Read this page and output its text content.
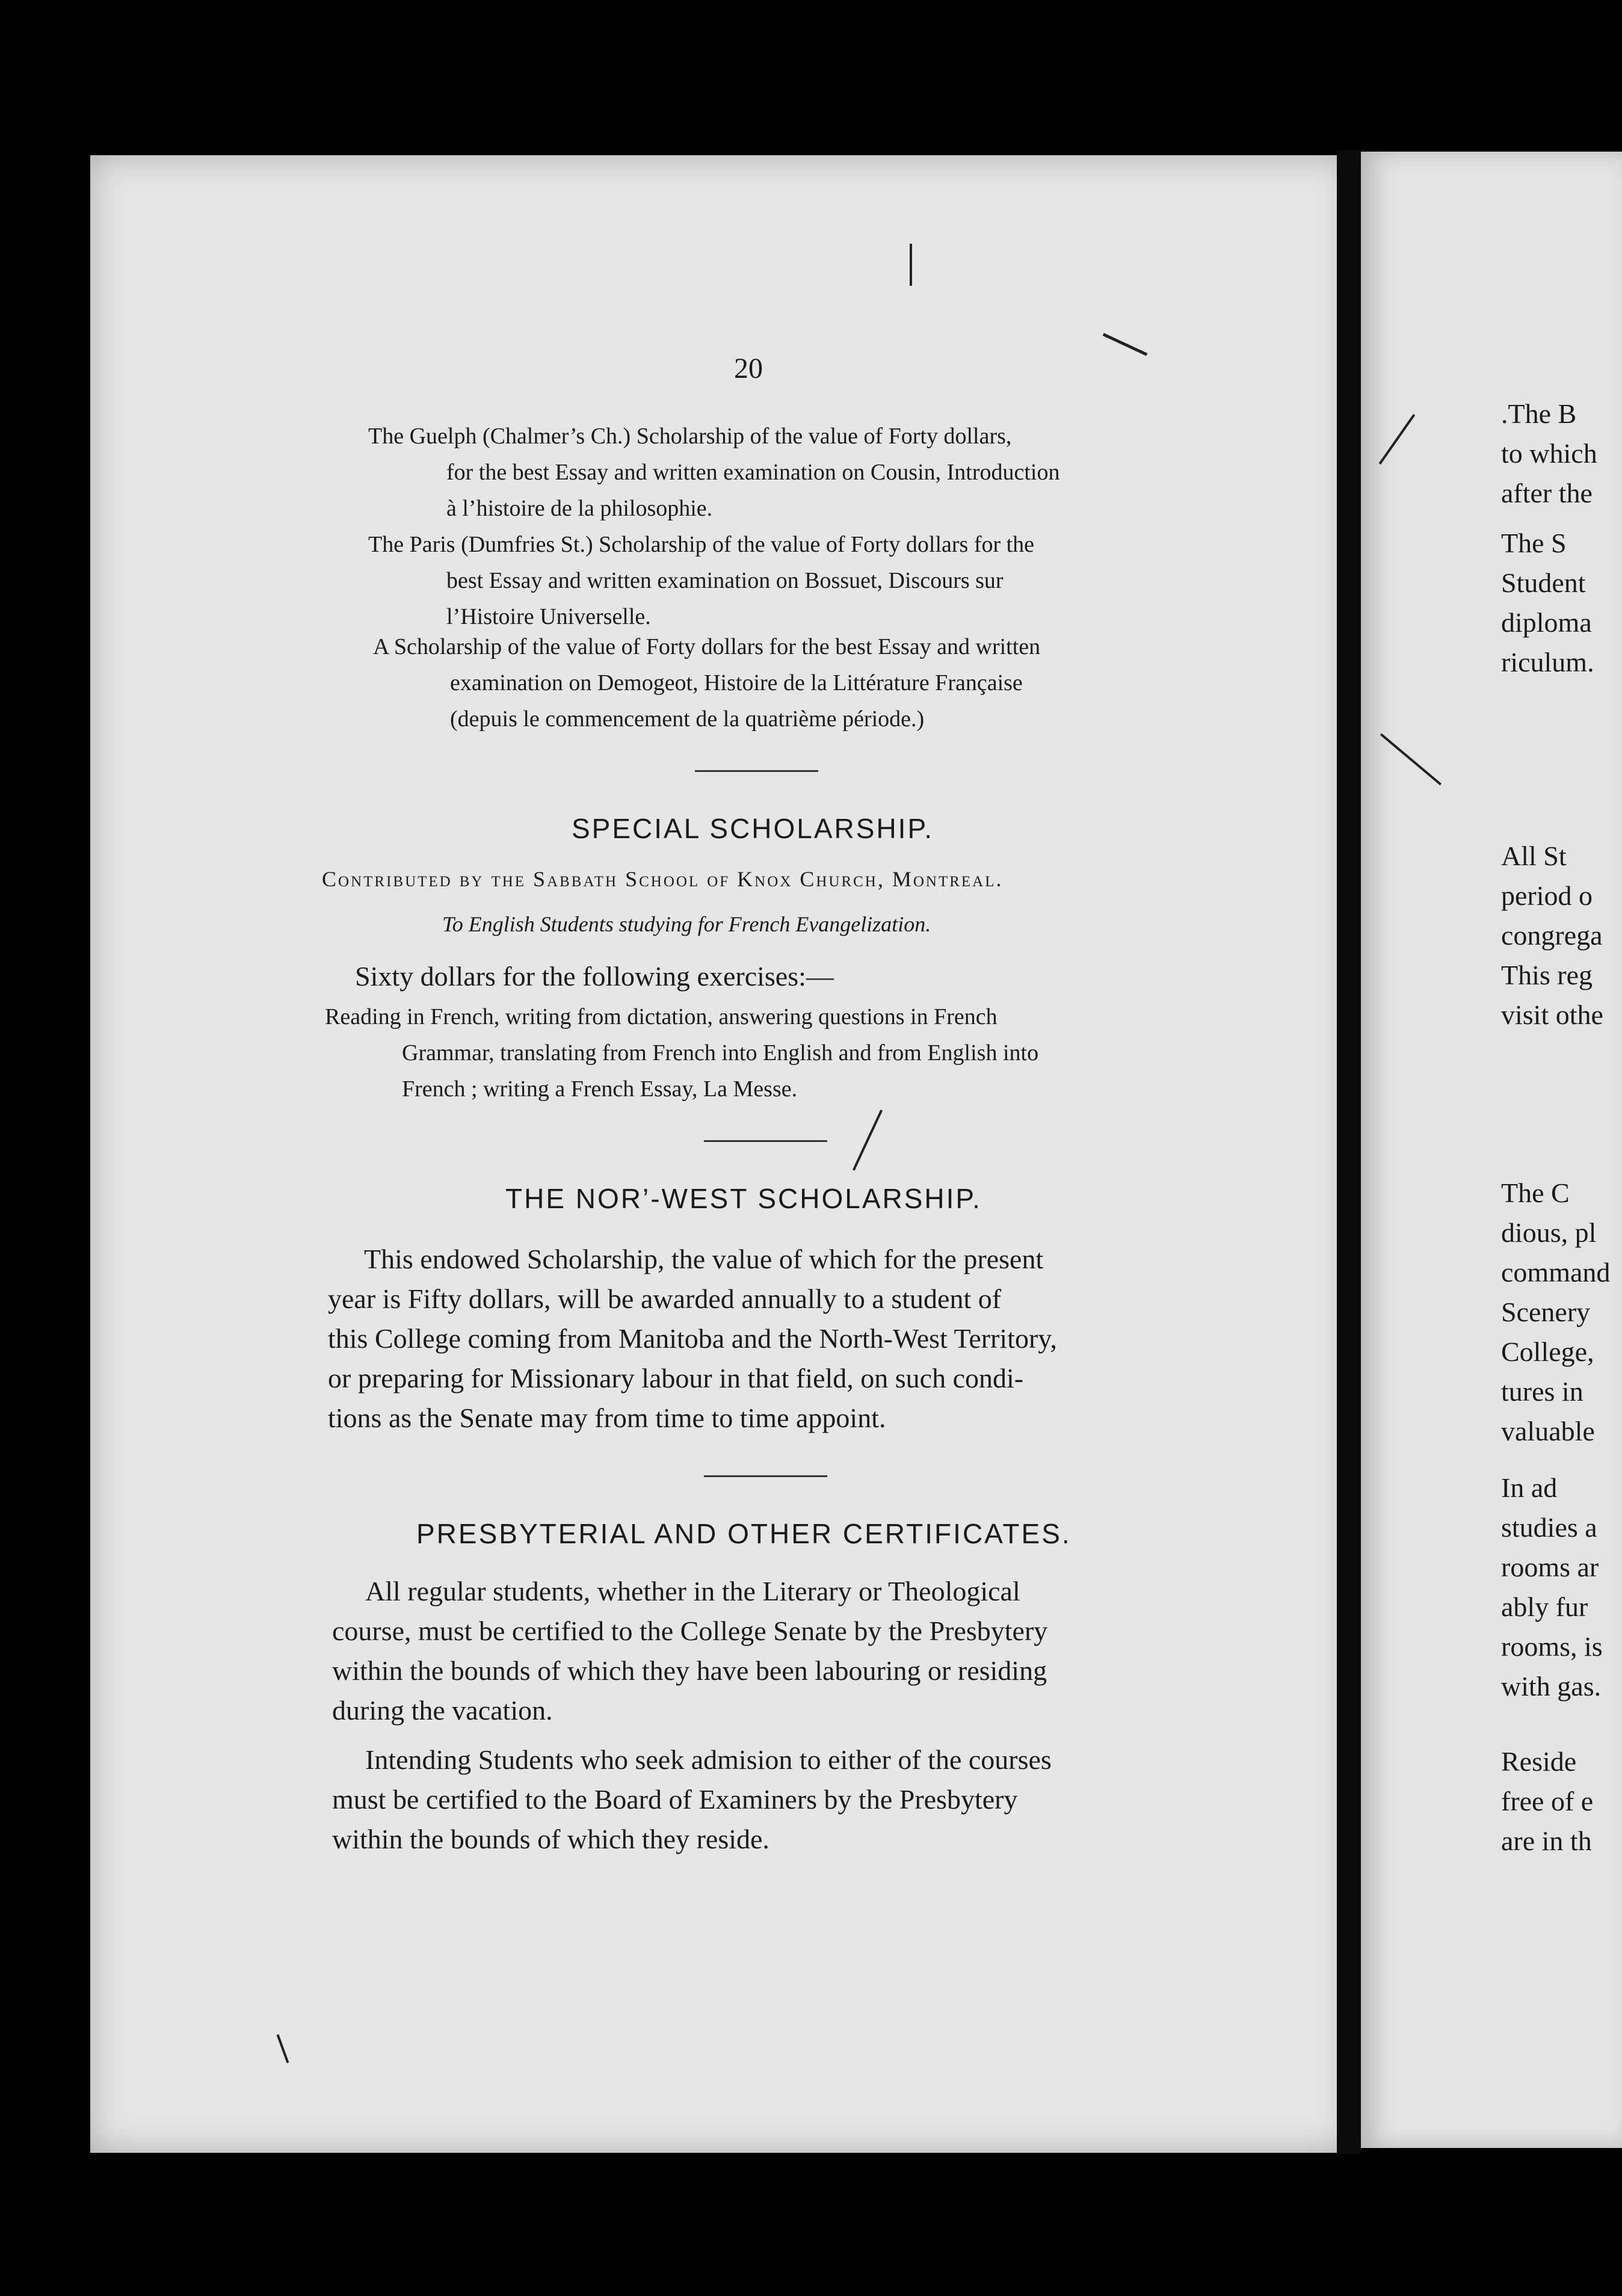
20
The Guelph (Chalmer’s Ch.) Scholarship of the value of Forty dollars,
for the best Essay and written examination on Cousin, Introduction
à l’histoire de la philosophie.
The Paris (Dumfries St.) Scholarship of the value of Forty dollars for the
best Essay and written examination on Bossuet, Discours sur
l’Histoire Universelle.
A Scholarship of the value of Forty dollars for the best Essay and written
examination on Demogeot, Histoire de la Littérature Française
(depuis le commencement de la quatrième période.)
SPECIAL SCHOLARSHIP.
Contributed by the Sabbath School of Knox Church, Montreal.
To English Students studying for French Evangelization.
Sixty dollars for the following exercises:—
Reading in French, writing from dictation, answering questions in French
Grammar, translating from French into English and from English into
French ; writing a French Essay, La Messe.
THE NOR’-WEST SCHOLARSHIP.
This endowed Scholarship, the value of which for the present
year is Fifty dollars, will be awarded annually to a student of
this College coming from Manitoba and the North-West Territory,
or preparing for Missionary labour in that field, on such condi-
tions as the Senate may from time to time appoint.
PRESBYTERIAL AND OTHER CERTIFICATES.
All regular students, whether in the Literary or Theological
course, must be certified to the College Senate by the Presbytery
within the bounds of which they have been labouring or residing
during the vacation.
Intending Students who seek admision to either of the courses
must be certified to the Board of Examiners by the Presbytery
within the bounds of which they reside.
.The B
to which
after the
The S
Student
diploma
riculum.
All St
period o
congrega
This reg
visit othe
The C
dious, pl
command
Scenery
College,
tures in
valuable
In ad
studies a
rooms ar
ably fur
rooms, is
with gas.
Reside
free of e
are in th
